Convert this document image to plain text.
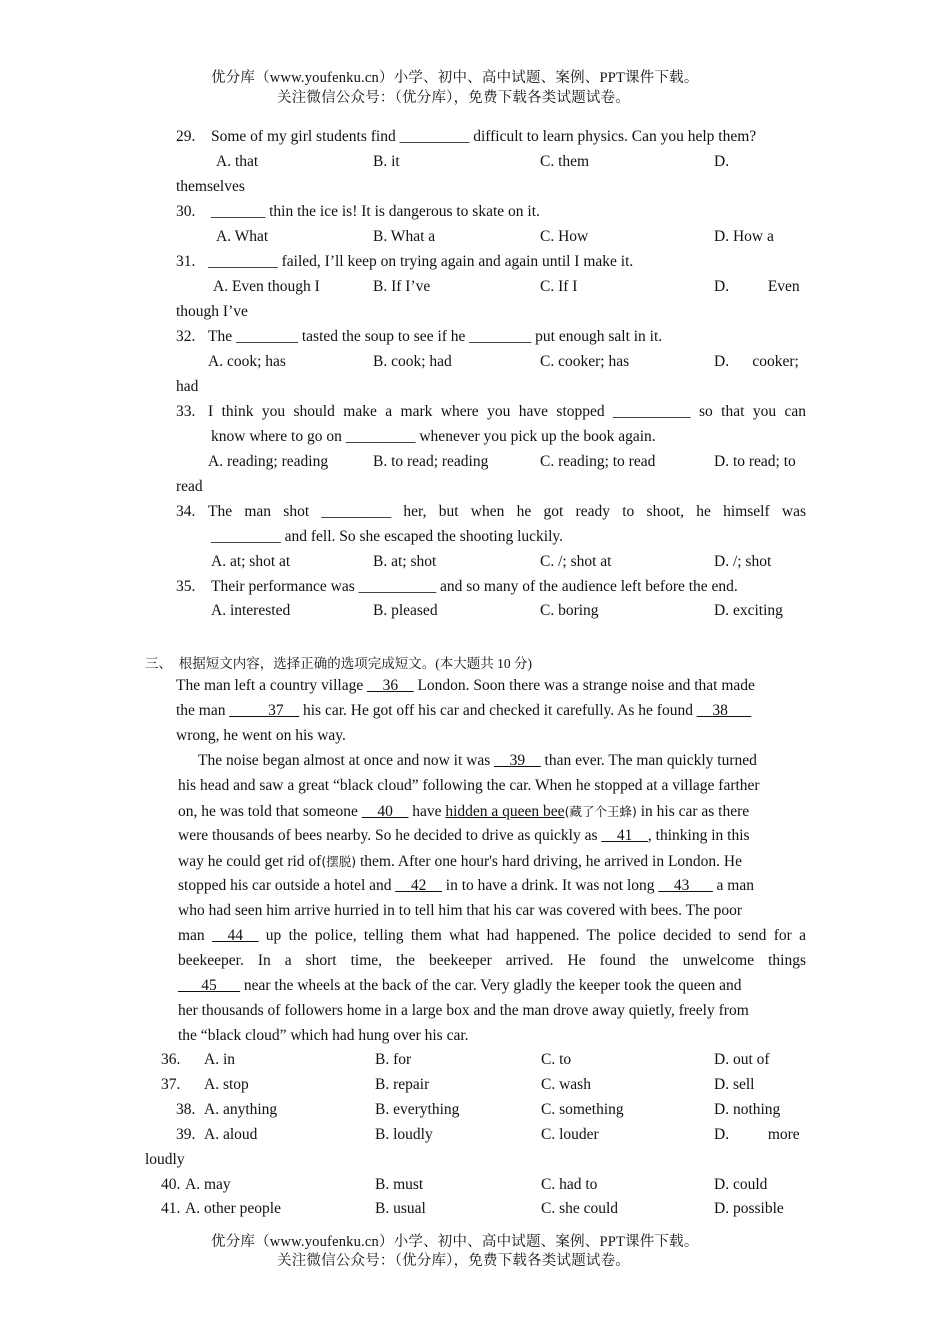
优分库（www.youfenku.cn）小学、初中、高中试题、案例、PPT课件下载。
关注微信公众号：（优分库），免费下载各类试题试卷。
29. Some of my girl students find _________ difficult to learn physics. Can you help them?
A. that	B. it	C. them	D.
themselves
30. _______ thin the ice is! It is dangerous to skate on it.
A. What	B. What a	C. How	D. How a
31. _________ failed, I’ll keep on trying again and again until I make it.
A. Even though I	B. If I’ve	C. If I	D.          Even
though I’ve
32. The ________ tasted the soup to see if he ________ put enough salt in it.
A. cook; has	B. cook; had	C. cooker; has	D.      cooker;
had
33. I think you should make a mark where you have stopped __________ so that you can
know where to go on _________ whenever you pick up the book again.
A. reading; reading	B. to read; reading	C. reading; to read	D. to read; to
read
34. The man shot _________ her, but when he got ready to shoot, he himself was
_________ and fell. So she escaped the shooting luckily.
A. at; shot at	B. at; shot	C. /; shot at	D. /; shot
35. Their performance was __________ and so many of the audience left before the end.
A. interested	B. pleased	C. boring	D. exciting
三、  根据短文内容，选择正确的选项完成短文。(本大题共 10 分)
The man left a country village __36__ London. Soon there was a strange noise and that made
the man _____37__ his car. He got off his car and checked it carefully. As he found __38___
wrong, he went on his way.
The noise began almost at once and now it was __39__ than ever. The man quickly turned
his head and saw a great “black cloud” following the car. When he stopped at a village farther
on, he was told that someone __40__ have hidden a queen bee(藏了个王蜂) in his car as there
were thousands of bees nearby. So he decided to drive as quickly as __41__, thinking in this
way he could get rid of(摆脱) them. After one hour's hard driving, he arrived in London. He
stopped his car outside a hotel and __42__ in to have a drink. It was not long __43___ a man
who had seen him arrive hurried in to tell him that his car was covered with bees. The poor
man __44__ up the police, telling them what had happened. The police decided to send for a
beekeeper. In a short time, the beekeeper arrived. He found the unwelcome things
___45___ near the wheels at the back of the car. Very gladly the keeper took the queen and
her thousands of followers home in a large box and the man drove away quietly, freely from
the “black cloud” which had hung over his car.
36. A. in	B. for	C. to	D. out of
37. A. stop	B. repair	C. wash	D. sell
38. A. anything	B. everything	C. something	D. nothing
39. A. aloud	B. loudly	C. louder	D.          more
loudly
40. A. may	B. must	C. had to	D. could
41. A. other people	B. usual	C. she could	D. possible
优分库（www.youfenku.cn）小学、初中、高中试题、案例、PPT课件下载。
关注微信公众号：（优分库），免费下载各类试题试卷。
